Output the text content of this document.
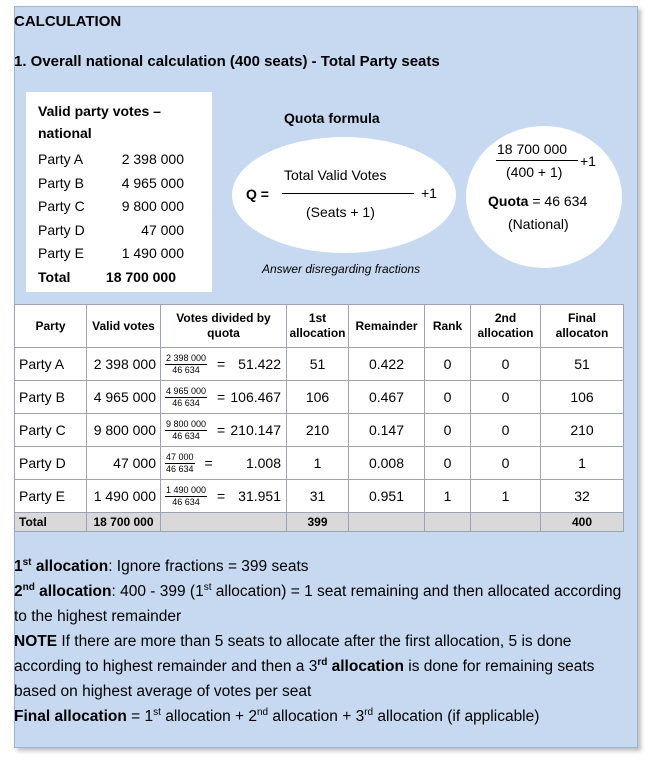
CALCULATION
1. Overall national calculation (400 seats) - Total Party seats
Valid party votes – national
Party A	2 398 000
Party B	4 965 000
Party C	9 800 000
Party D	47 000
Party E	1 490 000
Total	18 700 000
Quota formula
Q =
Total Valid Votes
(Seats + 1)
+1
Answer disregarding fractions
18 700 000
(400 + 1)
+1
Quota = 46 634
(National)
Party	Valid votes	Votes divided by quota	1st allocation	Remainder	Rank	2nd allocation	Final allocaton
Party A	2 398 000	$\frac{2 398 000}{46 634} = 51.422$	51	0.422	0	0	51
Party B	4 965 000	$\frac{4 965 000}{46 634} = 106.467$	106	0.467	0	0	106
Party C	9 800 000	$\frac{9 800 000}{46 634} = 210.147$	210	0.147	0	0	210
Party D	47 000	$\frac{47 000}{46 634} = 1.008$	1	0.008	0	0	1
Party E	1 490 000	$\frac{1 490 000}{46 634} = 31.951$	31	0.951	1	1	32
Total	18 700 000		399				400

1st allocation: Ignore fractions = 399 seats

2nd allocation: 400 - 399 (1st allocation) = 1 seat remaining and then allocated according to the highest remainder

NOTE If there are more than 5 seats to allocate after the first allocation, 5 is done according to highest remainder and then a 3rd allocation is done for remaining seats based on highest average of votes per seat

Final allocation = 1st allocation + 2nd allocation + 3rd allocation (if applicable)
